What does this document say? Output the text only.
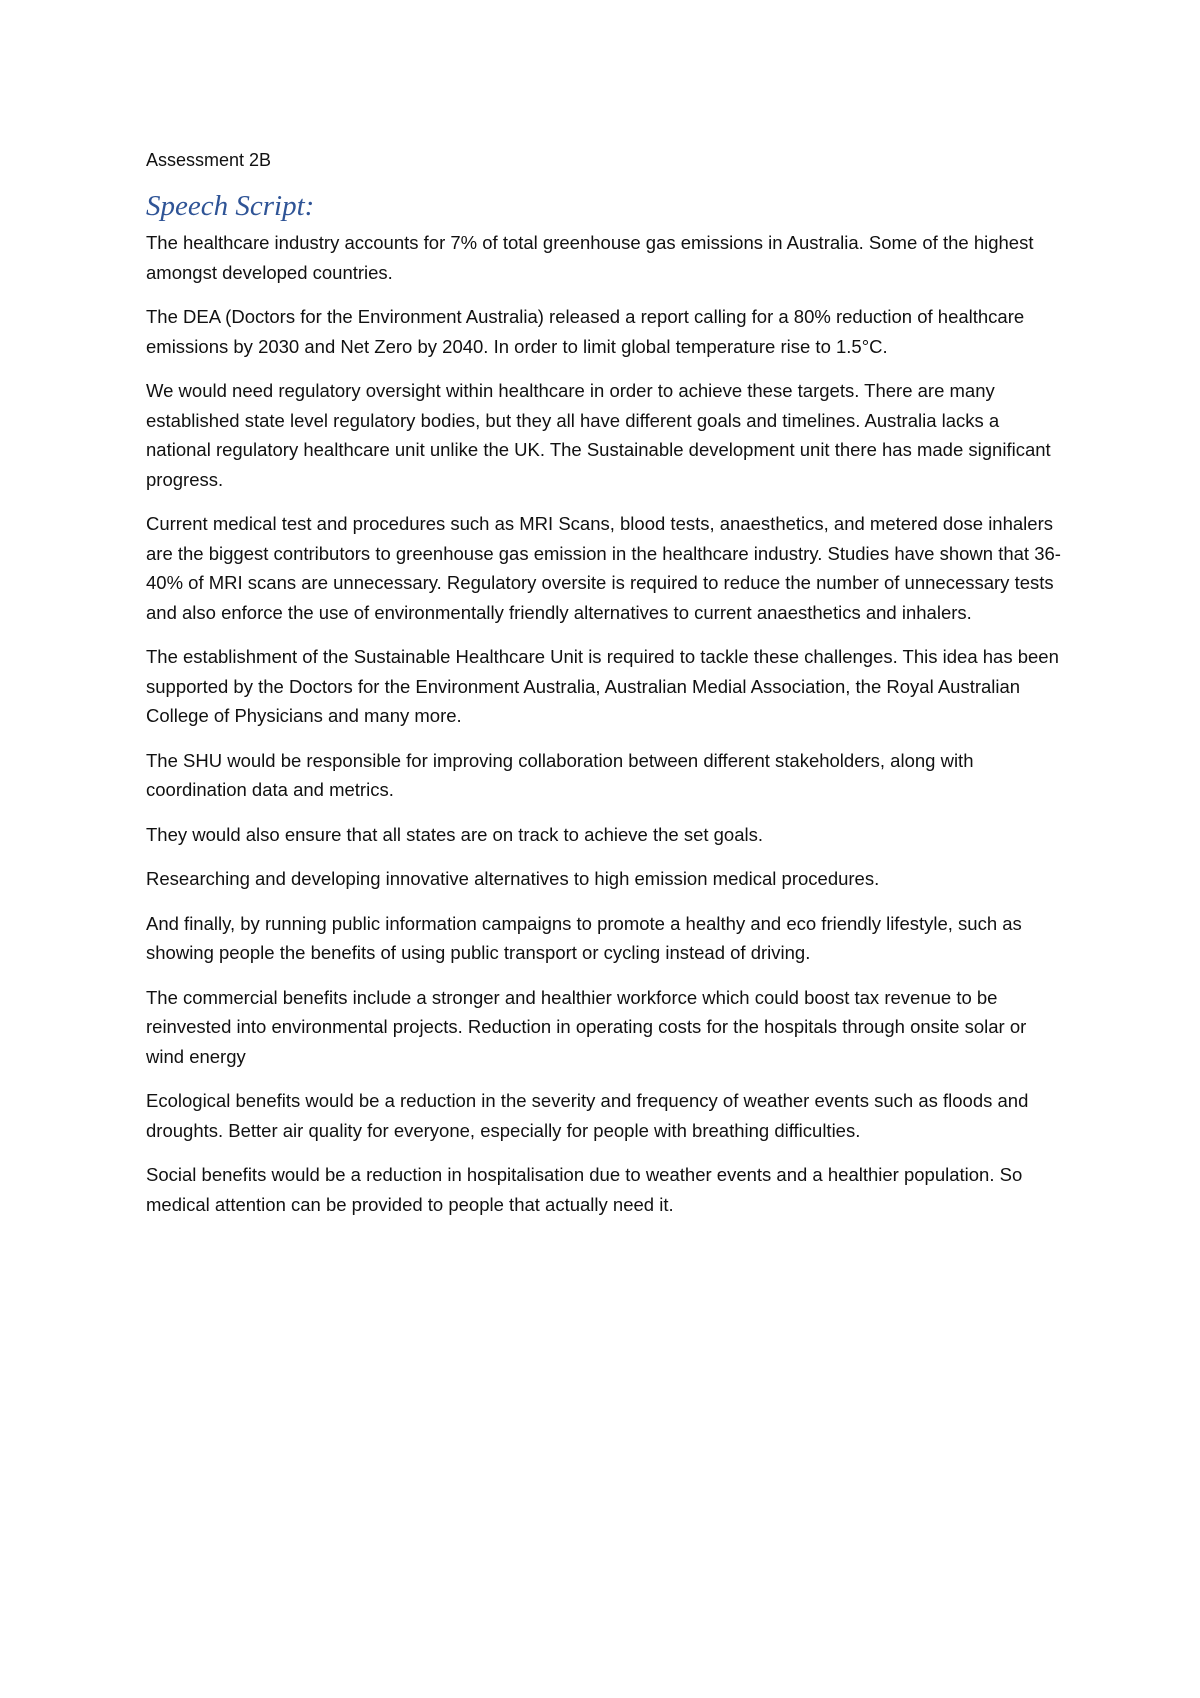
Assessment 2B

Speech Script:

The healthcare industry accounts for 7% of total greenhouse gas emissions in Australia. Some of the highest amongst developed countries.

The DEA (Doctors for the Environment Australia) released a report calling for a 80% reduction of healthcare emissions by 2030 and Net Zero by 2040. In order to limit global temperature rise to 1.5°C.

We would need regulatory oversight within healthcare in order to achieve these targets. There are many established state level regulatory bodies, but they all have different goals and timelines. Australia lacks a national regulatory healthcare unit unlike the UK. The Sustainable development unit there has made significant progress.

Current medical test and procedures such as MRI Scans, blood tests, anaesthetics, and metered dose inhalers are the biggest contributors to greenhouse gas emission in the healthcare industry. Studies have shown that 36-40% of MRI scans are unnecessary. Regulatory oversite is required to reduce the number of unnecessary tests and also enforce the use of environmentally friendly alternatives to current anaesthetics and inhalers.

The establishment of the Sustainable Healthcare Unit is required to tackle these challenges. This idea has been supported by the Doctors for the Environment Australia, Australian Medial Association, the Royal Australian College of Physicians and many more.

The SHU would be responsible for improving collaboration between different stakeholders, along with coordination data and metrics.

They would also ensure that all states are on track to achieve the set goals.

Researching and developing innovative alternatives to high emission medical procedures.

And finally, by running public information campaigns to promote a healthy and eco friendly lifestyle, such as showing people the benefits of using public transport or cycling instead of driving.

The commercial benefits include a stronger and healthier workforce which could boost tax revenue to be reinvested into environmental projects. Reduction in operating costs for the hospitals through onsite solar or wind energy

Ecological benefits would be a reduction in the severity and frequency of weather events such as floods and droughts. Better air quality for everyone, especially for people with breathing difficulties.

Social benefits would be a reduction in hospitalisation due to weather events and a healthier population. So medical attention can be provided to people that actually need it.
